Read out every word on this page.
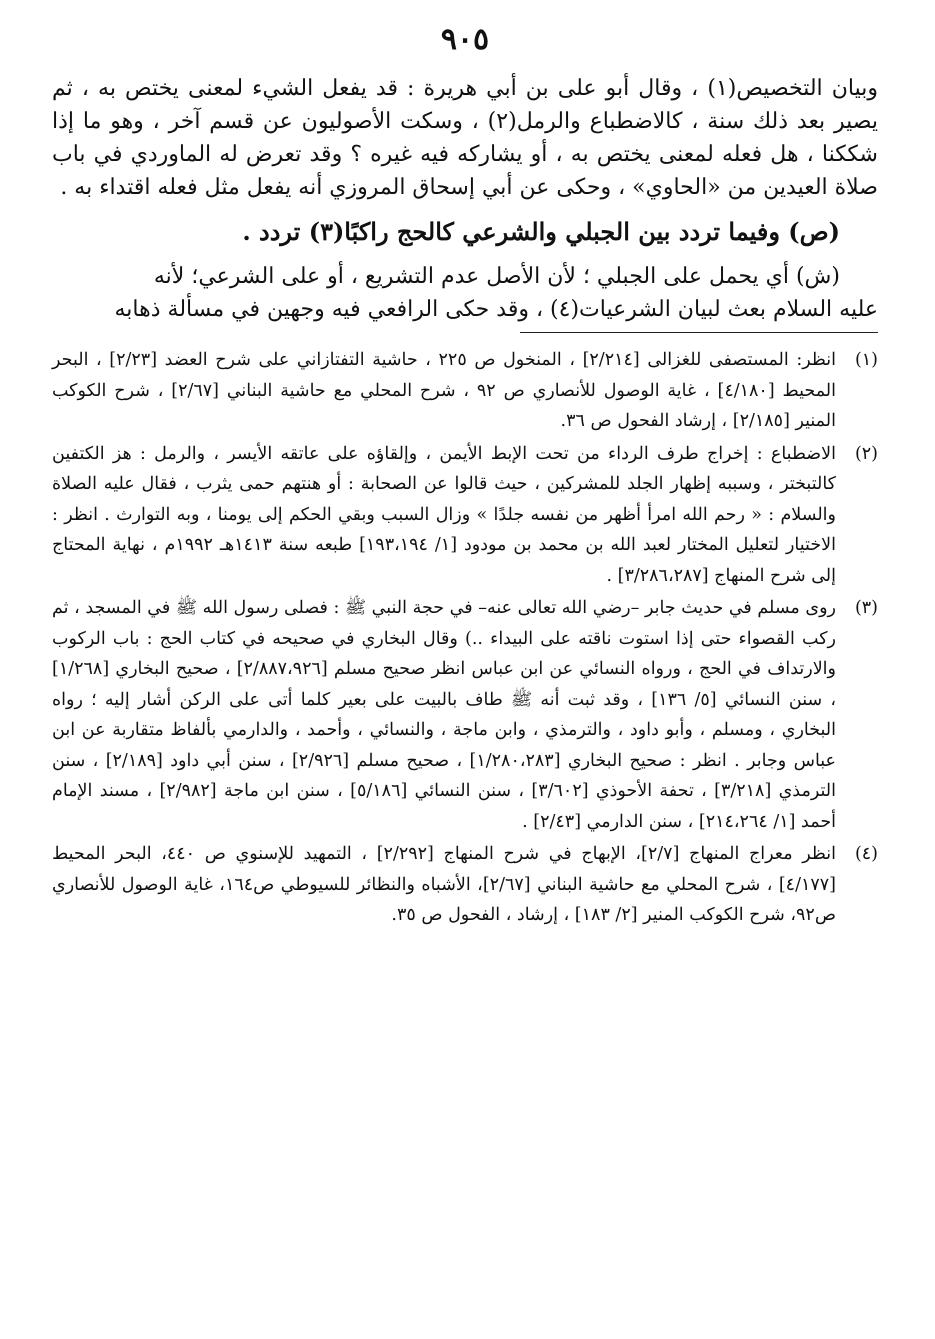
٩٠٥

وبيان التخصيص(١) ، وقال أبو على بن أبي هريرة : قد يفعل الشيء لمعنى يختص به ، ثم يصير بعد ذلك سنة ، كالاضطباع والرمل(٢) ، وسكت الأصوليون عن قسم آخر ، وهو ما إذا شككنا ، هل فعله لمعنى يختص به ، أو يشاركه فيه غيره ؟ وقد تعرض له الماوردي في باب صلاة العيدين من «الحاوي» ، وحكى عن أبي إسحاق المروزي أنه يفعل مثل فعله اقتداء به .

(ص) وفيما تردد بين الجبلي والشرعي كالحج راكبًا(٣) تردد .
(ش) أي يحمل على الجبلي ؛ لأن الأصل عدم التشريع ، أو على الشرعي؛ لأنه
عليه السلام بعث لبيان الشرعيات(٤) ، وقد حكى الرافعي فيه وجهين في مسألة ذهابه
(١)
انظر: المستصفى للغزالى [٢/٢١٤] ، المنخول ص ٢٢٥ ، حاشية التفتازاني على شرح العضد [٢/٢٣] ، البحر المحيط [٤/١٨٠] ، غاية الوصول للأنصاري ص ٩٢ ، شرح المحلي مع حاشية البناني [٢/٦٧] ، شرح الكوكب المنير [٢/١٨٥] ، إرشاد الفحول ص ٣٦.
(٢)
الاضطباع : إخراج طرف الرداء من تحت الإبط الأيمن ، وإلقاؤه على عاتقه الأيسر ، والرمل : هز الكتفين كالتبختر ، وسببه إظهار الجلد للمشركين ، حيث قالوا عن الصحابة : أو هنتهم حمى يثرب ، فقال عليه الصلاة والسلام : « رحم الله امرأ أظهر من نفسه جلدًا » وزال السبب وبقي الحكم إلى يومنا ، وبه التوارث . انظر : الاختيار لتعليل المختار لعبد الله بن محمد بن مودود [١/ ١٩٣،١٩٤] طبعه سنة ١٤١٣هـ ١٩٩٢م ، نهاية المحتاج إلى شرح المنهاج [٣/٢٨٦،٢٨٧] .
(٣)
روى مسلم في حديث جابر –رضي الله تعالى عنه– في حجة النبي ﷺ : فصلى رسول الله ﷺ في المسجد ، ثم ركب القصواء حتى إذا استوت ناقته على البيداء ..) وقال البخاري في صحيحه في كتاب الحج : باب الركوب والارتداف في الحج ، ورواه النسائي عن ابن عباس انظر صحيح مسلم [٢/٨٨٧،٩٢٦] ، صحيح البخاري [١/٢٦٨] ، سنن النسائي [٥/ ١٣٦] ، وقد ثبت أنه ﷺ طاف بالبيت على بعير كلما أتى على الركن أشار إليه ؛ رواه البخاري ، ومسلم ، وأبو داود ، والترمذي ، وابن ماجة ، والنسائي ، وأحمد ، والدارمي بألفاظ متقاربة عن ابن عباس وجابر . انظر : صحيح البخاري [١/٢٨٠،٢٨٣] ، صحيح مسلم [٢/٩٢٦] ، سنن أبي داود [٢/١٨٩] ، سنن الترمذي [٣/٢١٨] ، تحفة الأحوذي [٣/٦٠٢] ، سنن النسائي [٥/١٨٦] ، سنن ابن ماجة [٢/٩٨٢] ، مسند الإمام أحمد [١/ ٢١٤،٢٦٤] ، سنن الدارمي [٢/٤٣] .
(٤)
انظر معراج المنهاج [٢/٧]، الإبهاج في شرح المنهاج [٢/٢٩٢] ، التمهيد للإسنوي ص ٤٤٠، البحر المحيط [٤/١٧٧] ، شرح المحلي مع حاشية البناني [٢/٦٧]، الأشباه والنظائر للسيوطي ص١٦٤، غاية الوصول للأنصاري ص٩٢، شرح الكوكب المنير [٢/ ١٨٣] ، إرشاد ، الفحول ص ٣٥.
